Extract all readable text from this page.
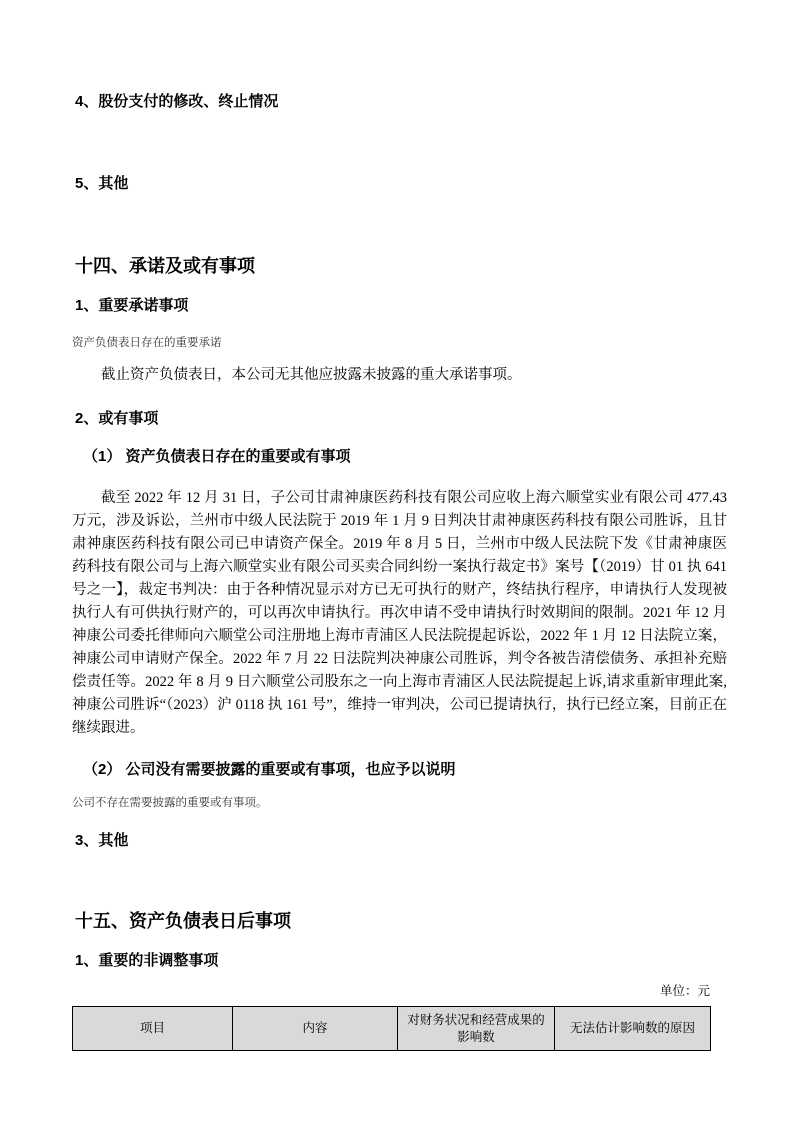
4、股份支付的修改、终止情况
5、其他
十四、承诺及或有事项
1、重要承诺事项
资产负债表日存在的重要承诺
截止资产负债表日，本公司无其他应披露未披露的重大承诺事项。
2、或有事项
（1） 资产负债表日存在的重要或有事项
截至 2022 年 12 月 31 日，子公司甘肃神康医药科技有限公司应收上海六顺堂实业有限公司 477.43 万元，涉及诉讼，兰州市中级人民法院于 2019 年 1 月 9 日判决甘肃神康医药科技有限公司胜诉，且甘肃神康医药科技有限公司已申请资产保全。2019 年 8 月 5 日，兰州市中级人民法院下发《甘肃神康医药科技有限公司与上海六顺堂实业有限公司买卖合同纠纷一案执行裁定书》案号【（2019）甘 01 执 641 号之一】，裁定书判决：由于各种情况显示对方已无可执行的财产，终结执行程序，申请执行人发现被执行人有可供执行财产的，可以再次申请执行。再次申请不受申请执行时效期间的限制。2021 年 12 月神康公司委托律师向六顺堂公司注册地上海市青浦区人民法院提起诉讼，2022 年 1 月 12 日法院立案，神康公司申请财产保全。2022 年 7 月 22 日法院判决神康公司胜诉，判令各被告清偿债务、承担补充赔偿责任等。2022 年 8 月 9 日六顺堂公司股东之一向上海市青浦区人民法院提起上诉,请求重新审理此案,神康公司胜诉“（2023）沪 0118 执 161 号”，维持一审判决，公司已提请执行，执行已经立案，目前正在继续跟进。
（2） 公司没有需要披露的重要或有事项，也应予以说明
公司不存在需要披露的重要或有事项。
3、其他
十五、资产负债表日后事项
1、重要的非调整事项
单位：元
项目	内容	对财务状况和经营成果的影响数	无法估计影响数的原因
